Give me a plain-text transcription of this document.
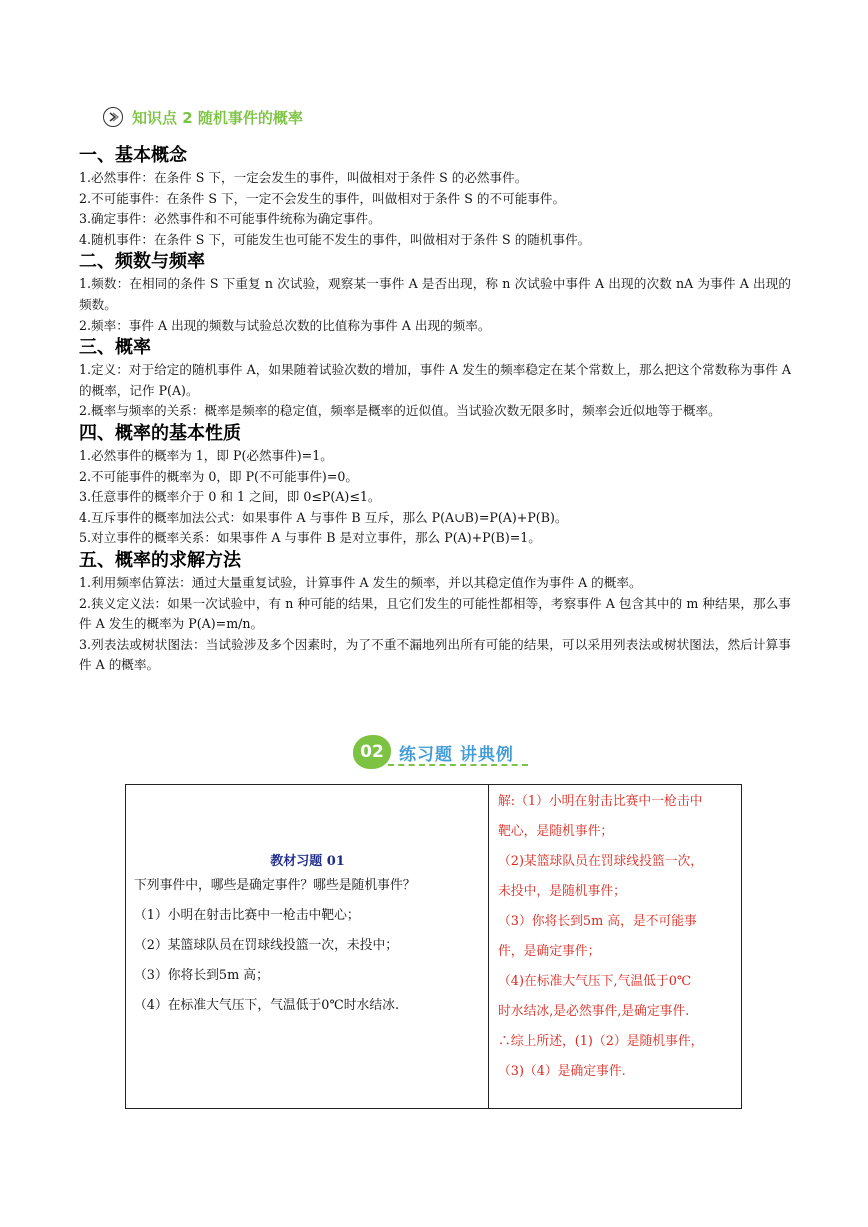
知识点 2 随机事件的概率
一、基本概念

1.必然事件：在条件 S 下，一定会发生的事件，叫做相对于条件 S 的必然事件。

2.不可能事件：在条件 S 下，一定不会发生的事件，叫做相对于条件 S 的不可能事件。

3.确定事件：必然事件和不可能事件统称为确定事件。

4.随机事件：在条件 S 下，可能发生也可能不发生的事件，叫做相对于条件 S 的随机事件。

二、频数与频率

1.频数：在相同的条件 S 下重复 n 次试验，观察某一事件 A 是否出现，称 n 次试验中事件 A 出现的次数 nA 为事件 A 出现的频数。

2.频率：事件 A 出现的频数与试验总次数的比值称为事件 A 出现的频率。

三、概率

1.定义：对于给定的随机事件 A，如果随着试验次数的增加，事件 A 发生的频率稳定在某个常数上，那么把这个常数称为事件 A 的概率，记作 P(A)。

2.概率与频率的关系：概率是频率的稳定值，频率是概率的近似值。当试验次数无限多时，频率会近似地等于概率。

四、概率的基本性质

1.必然事件的概率为 1，即 P(必然事件)=1。

2.不可能事件的概率为 0，即 P(不可能事件)=0。

3.任意事件的概率介于 0 和 1 之间，即 0≤P(A)≤1。

4.互斥事件的概率加法公式：如果事件 A 与事件 B 互斥，那么 P(A∪B)=P(A)+P(B)。

5.对立事件的概率关系：如果事件 A 与事件 B 是对立事件，那么 P(A)+P(B)=1。

五、概率的求解方法

1.利用频率估算法：通过大量重复试验，计算事件 A 发生的频率，并以其稳定值作为事件 A 的概率。

2.狭义定义法：如果一次试验中，有 n 种可能的结果，且它们发生的可能性都相等，考察事件 A 包含其中的 m 种结果，那么事件 A 发生的概率为 P(A)=m/n。

3.列表法或树状图法：当试验涉及多个因素时，为了不重不漏地列出所有可能的结果，可以采用列表法或树状图法，然后计算事件 A 的概率。

02 练习题 讲典例
教材习题 01

下列事件中，哪些是确定事件？哪些是随机事件？

（1）小明在射击比赛中一枪击中靶心；

（2）某篮球队员在罚球线投篮一次，未投中；

（3）你将长到5m 高；

（4）在标准大气压下，气温低于0℃时水结冰.

解:（1）小明在射击比赛中一枪击中

靶心，是随机事件；

（2)某篮球队员在罚球线投篮一次，

未投中，是随机事件；

（3）你将长到5m 高，是不可能事

件，是确定事件；

（4)在标准大气压下,气温低于0℃

时水结冰,是必然事件,是确定事件.

∴综上所述，(1)（2）是随机事件，

（3)（4）是确定事件.
